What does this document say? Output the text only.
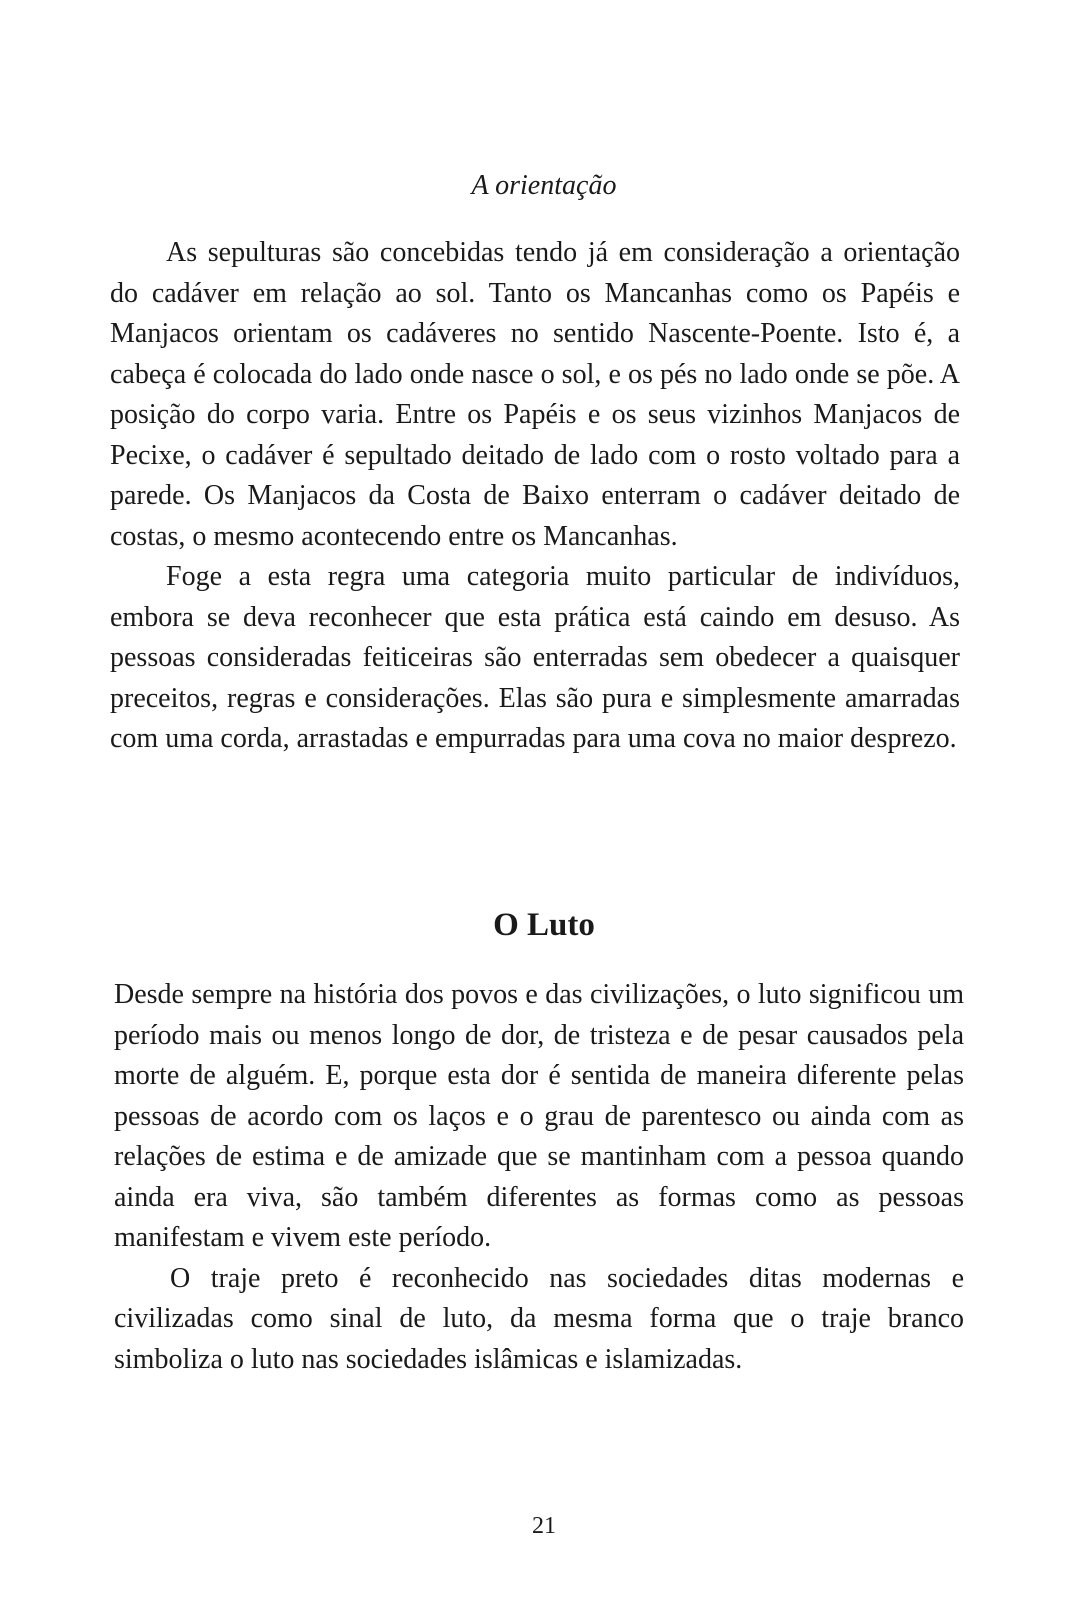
A orientação

As sepulturas são concebidas tendo já em consideração a orientação do cadáver em relação ao sol. Tanto os Mancanhas como os Papéis e Manjacos orientam os cadáveres no sentido Nascente-Poente. Isto é, a cabeça é colocada do lado onde nasce o sol, e os pés no lado onde se põe. A posição do corpo varia. Entre os Papéis e os seus vizinhos Manjacos de Pecixe, o cadáver é sepultado deitado de lado com o rosto voltado para a parede. Os Manjacos da Costa de Baixo enterram o cadáver deitado de costas, o mesmo acontecendo entre os Mancanhas.

Foge a esta regra uma categoria muito particular de indivíduos, embora se deva reconhecer que esta prática está caindo em desuso. As pessoas consideradas feiticeiras são enterradas sem obedecer a quaisquer preceitos, regras e considerações. Elas são pura e simplesmente amarradas com uma corda, arrastadas e empurradas para uma cova no maior desprezo.

O Luto

Desde sempre na história dos povos e das civilizações, o luto significou um período mais ou menos longo de dor, de tristeza e de pesar causados pela morte de alguém. E, porque esta dor é sentida de maneira diferente pelas pessoas de acordo com os laços e o grau de parentesco ou ainda com as relações de estima e de amizade que se mantinham com a pessoa quando ainda era viva, são também diferentes as formas como as pessoas manifestam e vivem este período.

O traje preto é reconhecido nas sociedades ditas modernas e civilizadas como sinal de luto, da mesma forma que o traje branco simboliza o luto nas sociedades islâmicas e islamizadas.

21
